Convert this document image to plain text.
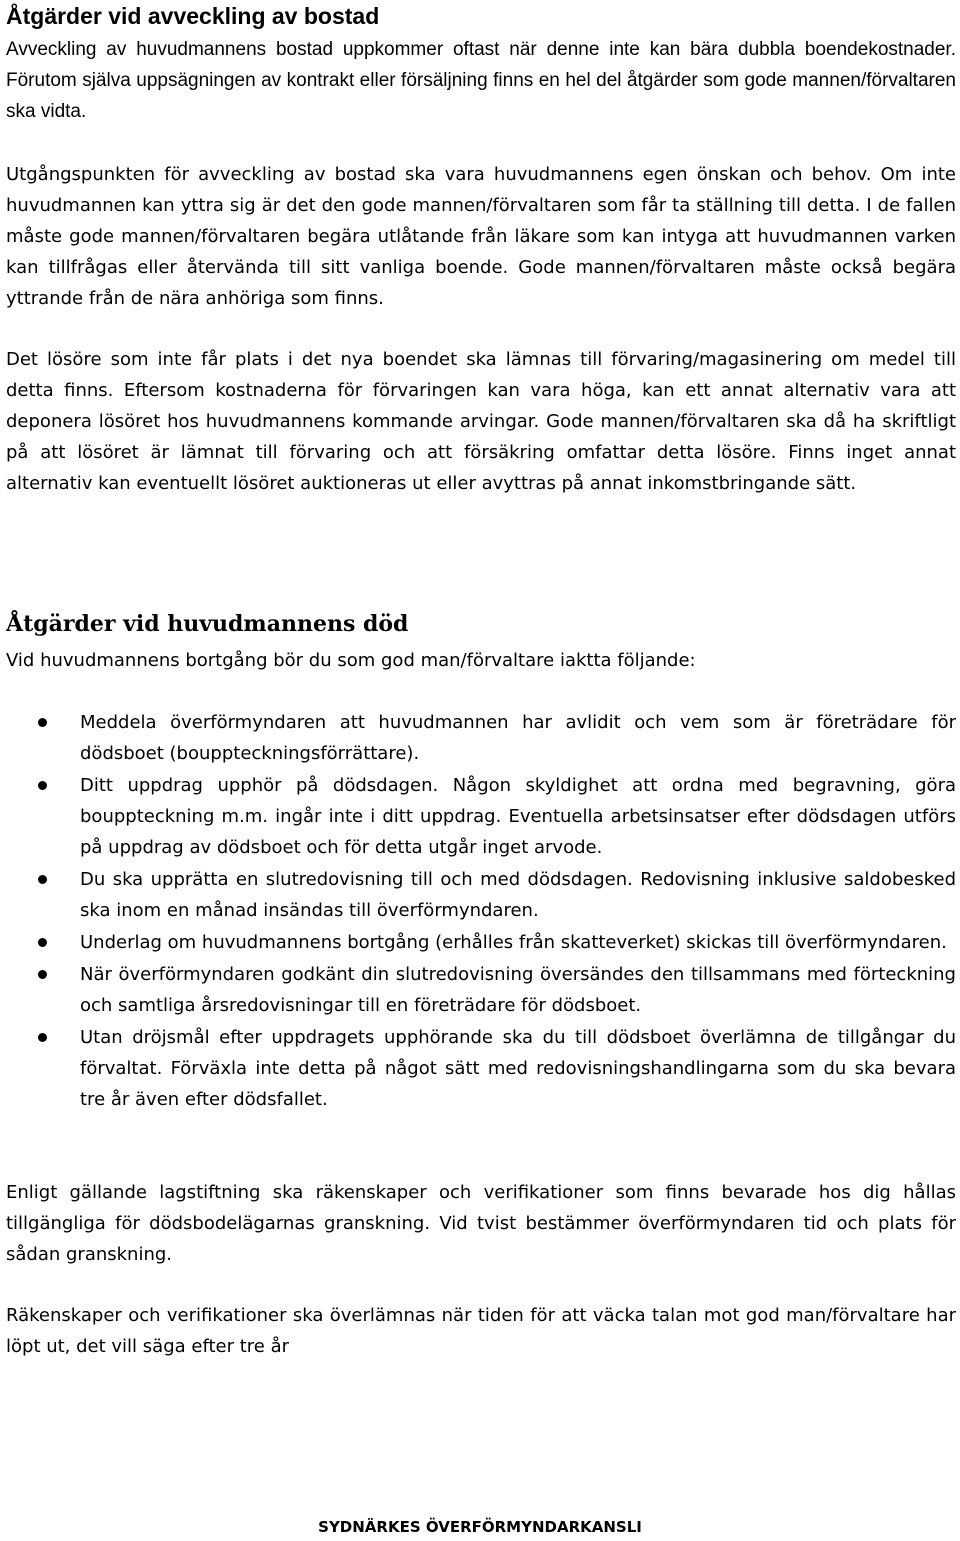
Åtgärder vid avveckling av bostad

Avveckling av huvudmannens bostad uppkommer oftast när denne inte kan bära dubbla boendekostnader. Förutom själva uppsägningen av kontrakt eller försäljning finns en hel del åtgärder som gode mannen/förvaltaren ska vidta.

Utgångspunkten för avveckling av bostad ska vara huvudmannens egen önskan och behov. Om inte huvudmannen kan yttra sig är det den gode mannen/förvaltaren som får ta ställning till detta. I de fallen måste gode mannen/förvaltaren begära utlåtande från läkare som kan intyga att huvudmannen varken kan tillfrågas eller återvända till sitt vanliga boende. Gode mannen/förvaltaren måste också begära yttrande från de nära anhöriga som finns.

Det lösöre som inte får plats i det nya boendet ska lämnas till förvaring/magasinering om medel till detta finns. Eftersom kostnaderna för förvaringen kan vara höga, kan ett annat alternativ vara att deponera lösöret hos huvudmannens kommande arvingar. Gode mannen/förvaltaren ska då ha skriftligt på att lösöret är lämnat till förvaring och att försäkring omfattar detta lösöre. Finns inget annat alternativ kan eventuellt lösöret auktioneras ut eller avyttras på annat inkomstbringande sätt.

Åtgärder vid huvudmannens död

Vid huvudmannens bortgång bör du som god man/förvaltare iaktta följande:

Meddela överförmyndaren att huvudmannen har avlidit och vem som är företrädare för dödsboet (bouppteckningsförrättare).
Ditt uppdrag upphör på dödsdagen. Någon skyldighet att ordna med begravning, göra bouppteckning m.m. ingår inte i ditt uppdrag. Eventuella arbetsinsatser efter dödsdagen utförs på uppdrag av dödsboet och för detta utgår inget arvode.
Du ska upprätta en slutredovisning till och med dödsdagen. Redovisning inklusive saldobesked ska inom en månad insändas till överförmyndaren.
Underlag om huvudmannens bortgång (erhålles från skatteverket) skickas till överförmyndaren.
När överförmyndaren godkänt din slutredovisning översändes den tillsammans med förteckning och samtliga årsredovisningar till en företrädare för dödsboet.
Utan dröjsmål efter uppdragets upphörande ska du till dödsboet överlämna de tillgångar du förvaltat. Förväxla inte detta på något sätt med redovisningshandlingarna som du ska bevara tre år även efter dödsfallet.

Enligt gällande lagstiftning ska räkenskaper och verifikationer som finns bevarade hos dig hållas tillgängliga för dödsbodelägarnas granskning. Vid tvist bestämmer överförmyndaren tid och plats för sådan granskning.

Räkenskaper och verifikationer ska överlämnas när tiden för att väcka talan mot god man/förvaltare har löpt ut, det vill säga efter tre år

SYDNÄRKES ÖVERFÖRMYNDARKANSLI
